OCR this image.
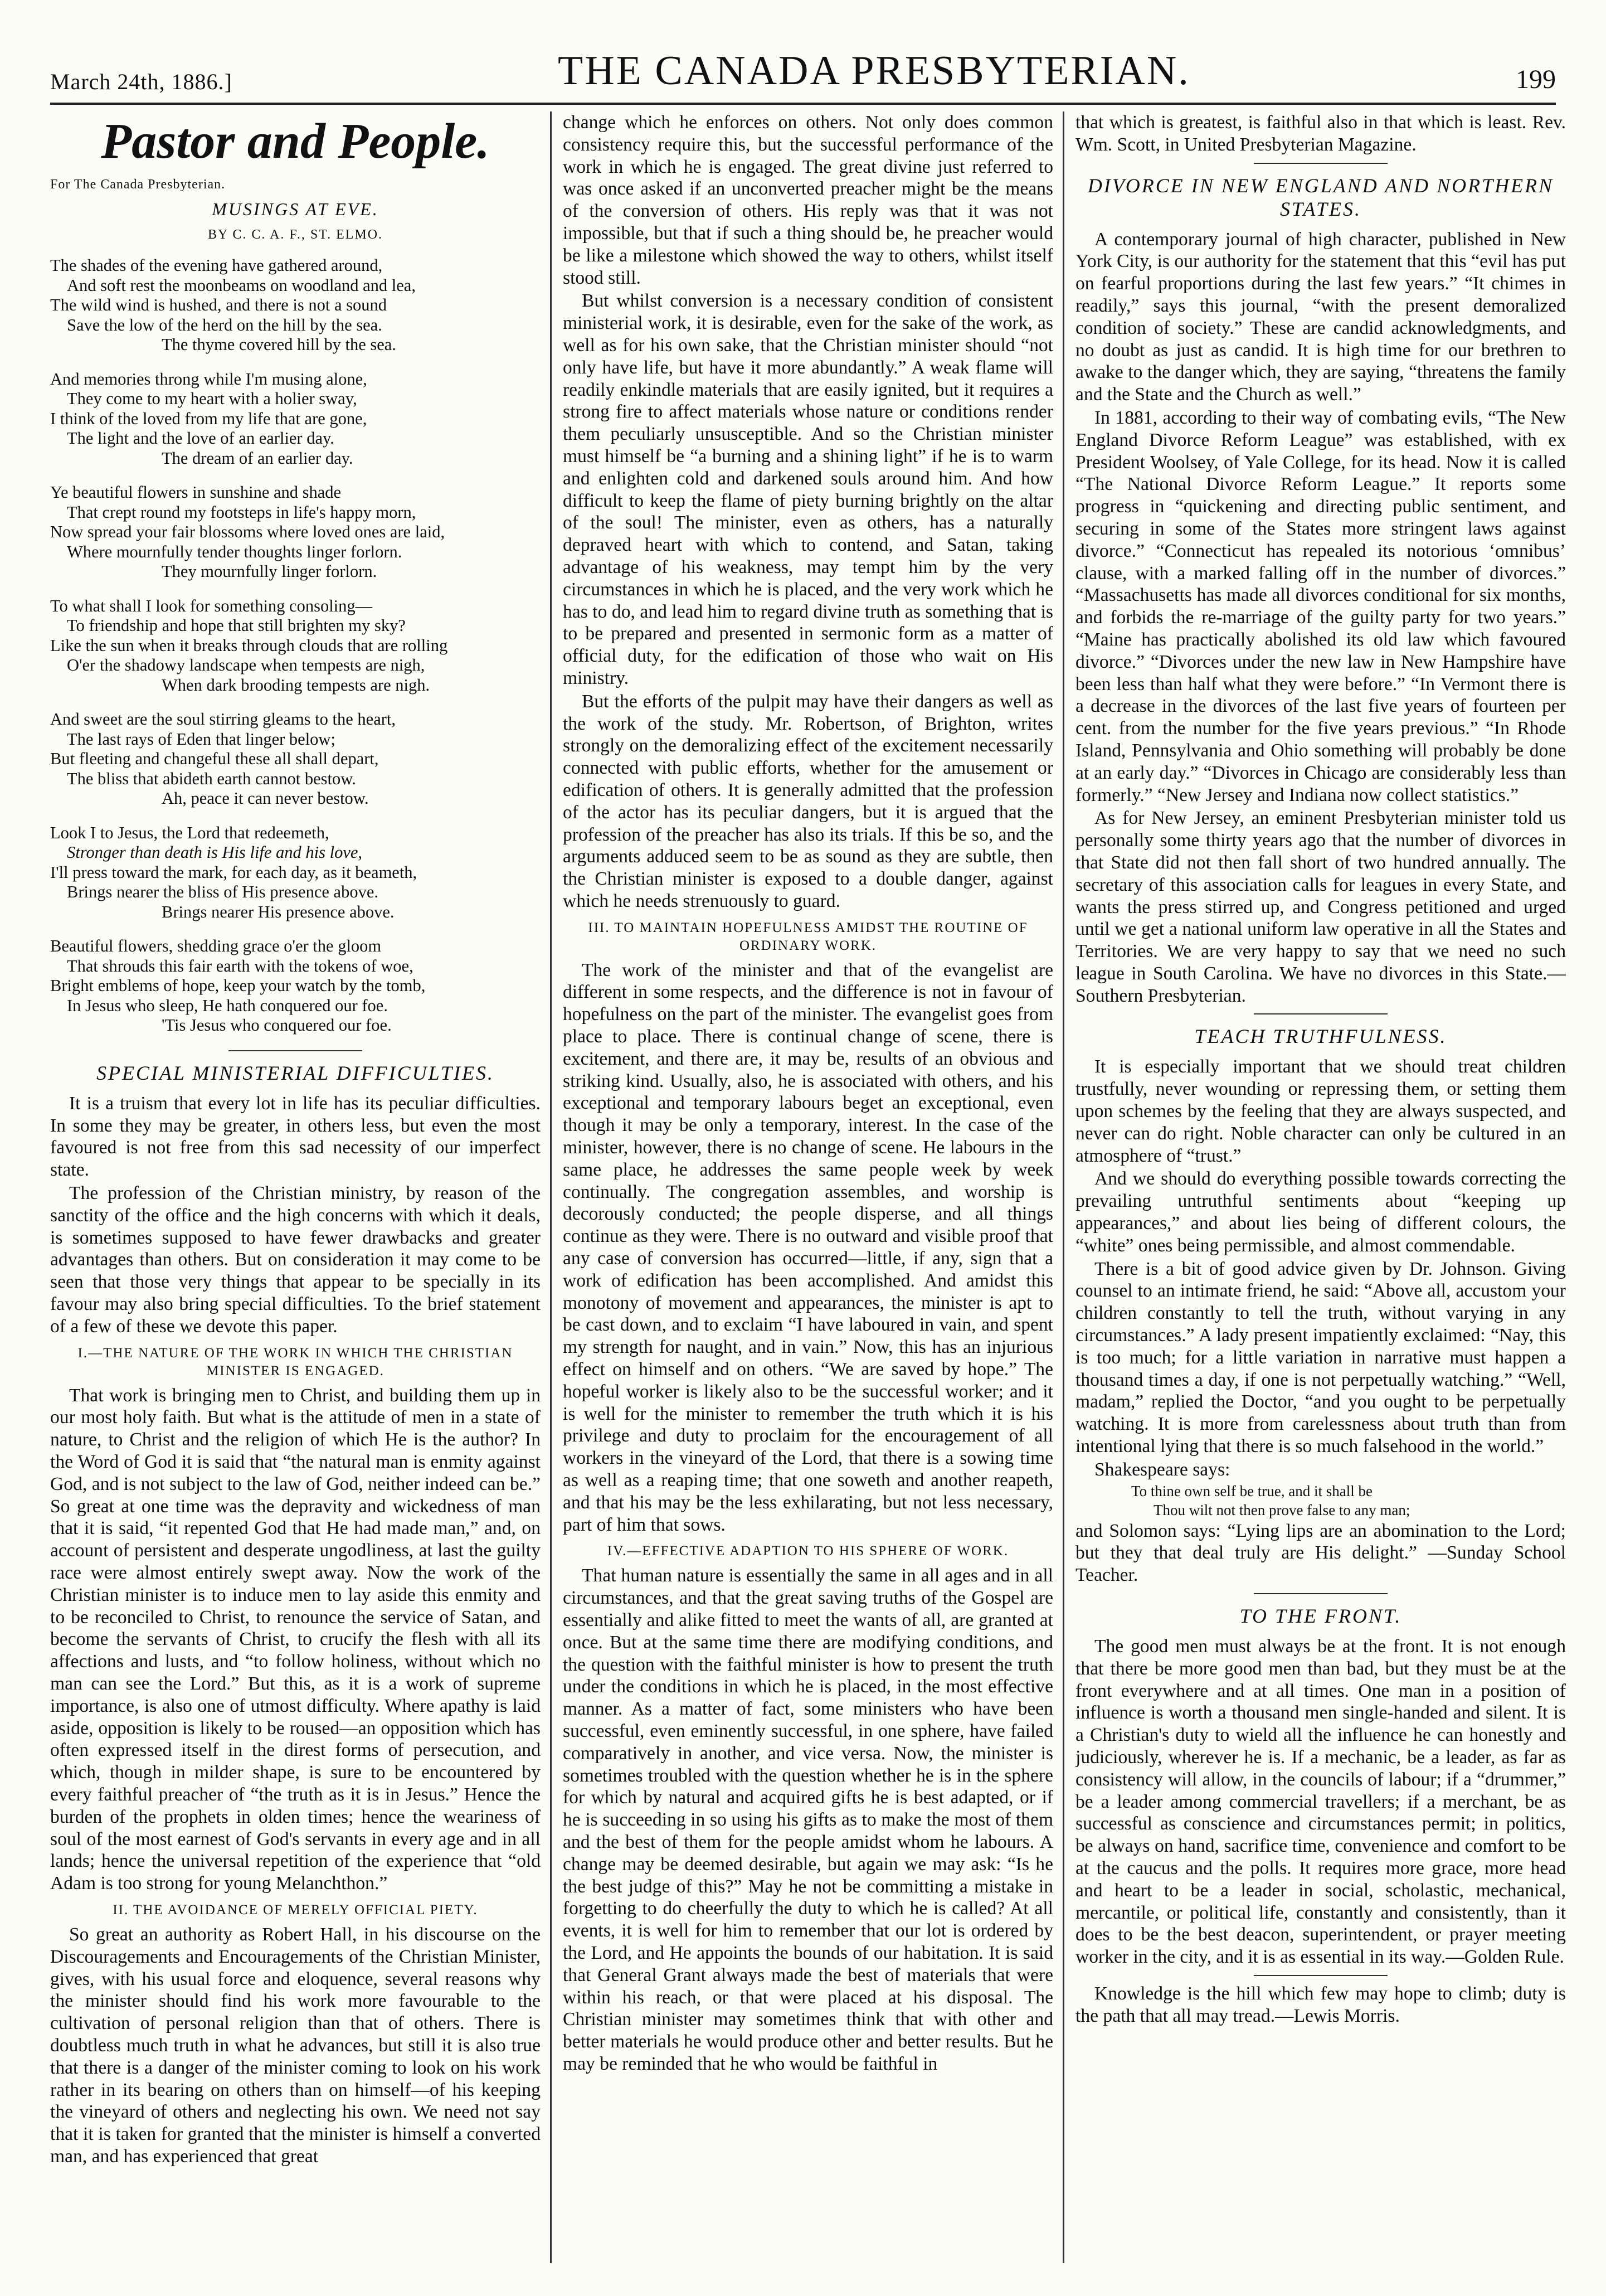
March 24th, 1886.]	THE CANADA PRESBYTERIAN.	199
Pastor and People.

For The Canada Presbyterian.

MUSINGS AT EVE.
BY C. C. A. F., ST. ELMO.
The shades of the evening have gathered around,
And soft rest the moonbeams on woodland and lea,
The wild wind is hushed, and there is not a sound
Save the low of the herd on the hill by the sea.
The thyme covered hill by the sea.
And memories throng while I'm musing alone,
They come to my heart with a holier sway,
I think of the loved from my life that are gone,
The light and the love of an earlier day.
The dream of an earlier day.
Ye beautiful flowers in sunshine and shade
That crept round my footsteps in life's happy morn,
Now spread your fair blossoms where loved ones are laid,
Where mournfully tender thoughts linger forlorn.
They mournfully linger forlorn.
To what shall I look for something consoling—
To friendship and hope that still brighten my sky?
Like the sun when it breaks through clouds that are rolling
O'er the shadowy landscape when tempests are nigh,
When dark brooding tempests are nigh.
And sweet are the soul stirring gleams to the heart,
The last rays of Eden that linger below;
But fleeting and changeful these all shall depart,
The bliss that abideth earth cannot bestow.
Ah, peace it can never bestow.
Look I to Jesus, the Lord that redeemeth,
Stronger than death is His life and his love,
I'll press toward the mark, for each day, as it beameth,
Brings nearer the bliss of His presence above.
Brings nearer His presence above.
Beautiful flowers, shedding grace o'er the gloom
That shrouds this fair earth with the tokens of woe,
Bright emblems of hope, keep your watch by the tomb,
In Jesus who sleep, He hath conquered our foe.
'Tis Jesus who conquered our foe.
SPECIAL MINISTERIAL DIFFICULTIES.

It is a truism that every lot in life has its peculiar difficulties. In some they may be greater, in others less, but even the most favoured is not free from this sad necessity of our imperfect state.

The profession of the Christian ministry, by reason of the sanctity of the office and the high concerns with which it deals, is sometimes supposed to have fewer drawbacks and greater advantages than others. But on consideration it may come to be seen that those very things that appear to be specially in its favour may also bring special difficulties. To the brief statement of a few of these we devote this paper.

I.—THE NATURE OF THE WORK IN WHICH THE CHRISTIAN MINISTER IS ENGAGED.

That work is bringing men to Christ, and building them up in our most holy faith. But what is the attitude of men in a state of nature, to Christ and the religion of which He is the author? In the Word of God it is said that “the natural man is enmity against God, and is not subject to the law of God, neither indeed can be.” So great at one time was the depravity and wickedness of man that it is said, “it repented God that He had made man,” and, on account of persistent and desperate ungodliness, at last the guilty race were almost entirely swept away. Now the work of the Christian minister is to induce men to lay aside this enmity and to be reconciled to Christ, to renounce the service of Satan, and become the servants of Christ, to crucify the flesh with all its affections and lusts, and “to follow holiness, without which no man can see the Lord.” But this, as it is a work of supreme importance, is also one of utmost difficulty. Where apathy is laid aside, opposition is likely to be roused—an opposition which has often expressed itself in the direst forms of persecution, and which, though in milder shape, is sure to be encountered by every faithful preacher of “the truth as it is in Jesus.” Hence the burden of the prophets in olden times; hence the weariness of soul of the most earnest of God's servants in every age and in all lands; hence the universal repetition of the experience that “old Adam is too strong for young Melanchthon.”

II. THE AVOIDANCE OF MERELY OFFICIAL PIETY.

So great an authority as Robert Hall, in his discourse on the Discouragements and Encouragements of the Christian Minister, gives, with his usual force and eloquence, several reasons why the minister should find his work more favourable to the cultivation of personal religion than that of others. There is doubtless much truth in what he advances, but still it is also true that there is a danger of the minister coming to look on his work rather in its bearing on others than on himself—of his keeping the vineyard of others and neglecting his own. We need not say that it is taken for granted that the minister is himself a converted man, and has experienced that great

change which he enforces on others. Not only does common consistency require this, but the successful performance of the work in which he is engaged. The great divine just referred to was once asked if an unconverted preacher might be the means of the conversion of others. His reply was that it was not impossible, but that if such a thing should be, he preacher would be like a milestone which showed the way to others, whilst itself stood still.

But whilst conversion is a necessary condition of consistent ministerial work, it is desirable, even for the sake of the work, as well as for his own sake, that the Christian minister should “not only have life, but have it more abundantly.” A weak flame will readily enkindle materials that are easily ignited, but it requires a strong fire to affect materials whose nature or conditions render them peculiarly unsusceptible. And so the Christian minister must himself be “a burning and a shining light” if he is to warm and enlighten cold and darkened souls around him. And how difficult to keep the flame of piety burning brightly on the altar of the soul! The minister, even as others, has a naturally depraved heart with which to contend, and Satan, taking advantage of his weakness, may tempt him by the very circumstances in which he is placed, and the very work which he has to do, and lead him to regard divine truth as something that is to be prepared and presented in sermonic form as a matter of official duty, for the edification of those who wait on His ministry.

But the efforts of the pulpit may have their dangers as well as the work of the study. Mr. Robertson, of Brighton, writes strongly on the demoralizing effect of the excitement necessarily connected with public efforts, whether for the amusement or edification of others. It is generally admitted that the profession of the actor has its peculiar dangers, but it is argued that the profession of the preacher has also its trials. If this be so, and the arguments adduced seem to be as sound as they are subtle, then the Christian minister is exposed to a double danger, against which he needs strenuously to guard.

III. TO MAINTAIN HOPEFULNESS AMIDST THE ROUTINE OF ORDINARY WORK.

The work of the minister and that of the evangelist are different in some respects, and the difference is not in favour of hopefulness on the part of the minister. The evangelist goes from place to place. There is continual change of scene, there is excitement, and there are, it may be, results of an obvious and striking kind. Usually, also, he is associated with others, and his exceptional and temporary labours beget an exceptional, even though it may be only a temporary, interest. In the case of the minister, however, there is no change of scene. He labours in the same place, he addresses the same people week by week continually. The congregation assembles, and worship is decorously conducted; the people disperse, and all things continue as they were. There is no outward and visible proof that any case of conversion has occurred—little, if any, sign that a work of edification has been accomplished. And amidst this monotony of movement and appearances, the minister is apt to be cast down, and to exclaim “I have laboured in vain, and spent my strength for naught, and in vain.” Now, this has an injurious effect on himself and on others. “We are saved by hope.” The hopeful worker is likely also to be the successful worker; and it is well for the minister to remember the truth which it is his privilege and duty to proclaim for the encouragement of all workers in the vineyard of the Lord, that there is a sowing time as well as a reaping time; that one soweth and another reapeth, and that his may be the less exhilarating, but not less necessary, part of him that sows.

IV.—EFFECTIVE ADAPTION TO HIS SPHERE OF WORK.

That human nature is essentially the same in all ages and in all circumstances, and that the great saving truths of the Gospel are essentially and alike fitted to meet the wants of all, are granted at once. But at the same time there are modifying conditions, and the question with the faithful minister is how to present the truth under the conditions in which he is placed, in the most effective manner. As a matter of fact, some ministers who have been successful, even eminently successful, in one sphere, have failed comparatively in another, and vice versa. Now, the minister is sometimes troubled with the question whether he is in the sphere for which by natural and acquired gifts he is best adapted, or if he is succeeding in so using his gifts as to make the most of them and the best of them for the people amidst whom he labours. A change may be deemed desirable, but again we may ask: “Is he the best judge of this?” May he not be committing a mistake in forgetting to do cheerfully the duty to which he is called? At all events, it is well for him to remember that our lot is ordered by the Lord, and He appoints the bounds of our habitation. It is said that General Grant always made the best of materials that were within his reach, or that were placed at his disposal. The Christian minister may sometimes think that with other and better materials he would produce other and better results. But he may be reminded that he who would be faithful in

that which is greatest, is faithful also in that which is least. Rev. Wm. Scott, in United Presbyterian Magazine.

DIVORCE IN NEW ENGLAND AND NORTHERN STATES.

A contemporary journal of high character, published in New York City, is our authority for the statement that this “evil has put on fearful proportions during the last few years.” “It chimes in readily,” says this journal, “with the present demoralized condition of society.” These are candid acknowledgments, and no doubt as just as candid. It is high time for our brethren to awake to the danger which, they are saying, “threatens the family and the State and the Church as well.”

In 1881, according to their way of combating evils, “The New England Divorce Reform League” was established, with ex President Woolsey, of Yale College, for its head. Now it is called “The National Divorce Reform League.” It reports some progress in “quickening and directing public sentiment, and securing in some of the States more stringent laws against divorce.” “Connecticut has repealed its notorious ‘omnibus’ clause, with a marked falling off in the number of divorces.” “Massachusetts has made all divorces conditional for six months, and forbids the re-marriage of the guilty party for two years.” “Maine has practically abolished its old law which favoured divorce.” “Divorces under the new law in New Hampshire have been less than half what they were before.” “In Vermont there is a decrease in the divorces of the last five years of fourteen per cent. from the number for the five years previous.” “In Rhode Island, Pennsylvania and Ohio something will probably be done at an early day.” “Divorces in Chicago are considerably less than formerly.” “New Jersey and Indiana now collect statistics.”

As for New Jersey, an eminent Presbyterian minister told us personally some thirty years ago that the number of divorces in that State did not then fall short of two hundred annually. The secretary of this association calls for leagues in every State, and wants the press stirred up, and Congress petitioned and urged until we get a national uniform law operative in all the States and Territories. We are very happy to say that we need no such league in South Carolina. We have no divorces in this State.—Southern Presbyterian.

TEACH TRUTHFULNESS.

It is especially important that we should treat children trustfully, never wounding or repressing them, or setting them upon schemes by the feeling that they are always suspected, and never can do right. Noble character can only be cultured in an atmosphere of “trust.”

And we should do everything possible towards correcting the prevailing untruthful sentiments about “keeping up appearances,” and about lies being of different colours, the “white” ones being permissible, and almost commendable.

There is a bit of good advice given by Dr. Johnson. Giving counsel to an intimate friend, he said: “Above all, accustom your children constantly to tell the truth, without varying in any circumstances.” A lady present impatiently exclaimed: “Nay, this is too much; for a little variation in narrative must happen a thousand times a day, if one is not perpetually watching.” “Well, madam,” replied the Doctor, “and you ought to be perpetually watching. It is more from carelessness about truth than from intentional lying that there is so much falsehood in the world.”

Shakespeare says:

To thine own self be true, and it shall be

Thou wilt not then prove false to any man;

and Solomon says: “Lying lips are an abomination to the Lord; but they that deal truly are His delight.” —Sunday School Teacher.

TO THE FRONT.

The good men must always be at the front. It is not enough that there be more good men than bad, but they must be at the front everywhere and at all times. One man in a position of influence is worth a thousand men single-handed and silent. It is a Christian's duty to wield all the influence he can honestly and judiciously, wherever he is. If a mechanic, be a leader, as far as consistency will allow, in the councils of labour; if a “drummer,” be a leader among commercial travellers; if a merchant, be as successful as conscience and circumstances permit; in politics, be always on hand, sacrifice time, convenience and comfort to be at the caucus and the polls. It requires more grace, more head and heart to be a leader in social, scholastic, mechanical, mercantile, or political life, constantly and consistently, than it does to be the best deacon, superintendent, or prayer meeting worker in the city, and it is as essential in its way.—Golden Rule.

Knowledge is the hill which few may hope to climb; duty is the path that all may tread.—Lewis Morris.
